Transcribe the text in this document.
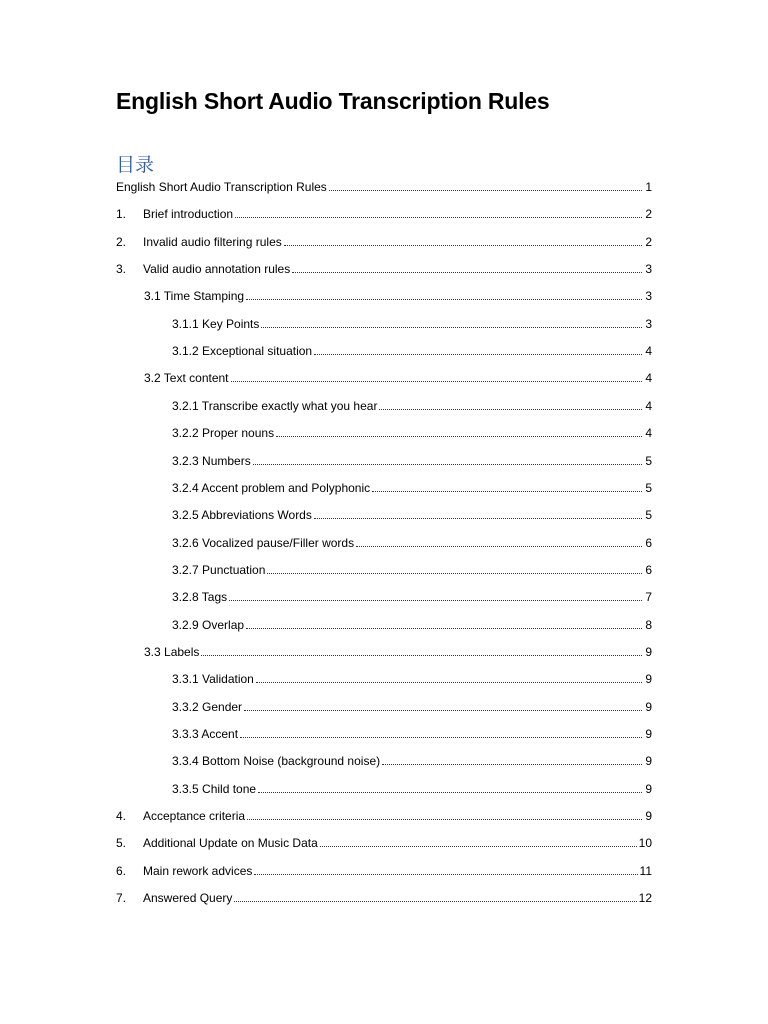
English Short Audio Transcription Rules
目录
English Short Audio Transcription Rules	1
1.	Brief introduction	2
2.	Invalid audio filtering rules	2
3.	Valid audio annotation rules	3
3.1 Time Stamping	3
3.1.1 Key Points	3
3.1.2 Exceptional situation	4
3.2 Text content	4
3.2.1 Transcribe exactly what you hear	4
3.2.2 Proper nouns	4
3.2.3 Numbers	5
3.2.4 Accent problem and Polyphonic	5
3.2.5 Abbreviations Words	5
3.2.6 Vocalized pause/Filler words	6
3.2.7 Punctuation	6
3.2.8 Tags	7
3.2.9 Overlap	8
3.3 Labels	9
3.3.1 Validation	9
3.3.2 Gender	9
3.3.3 Accent	9
3.3.4 Bottom Noise (background noise)	9
3.3.5 Child tone	9
4.	Acceptance criteria	9
5.	Additional Update on Music Data	10
6.	Main rework advices	11
7.	Answered Query	12
